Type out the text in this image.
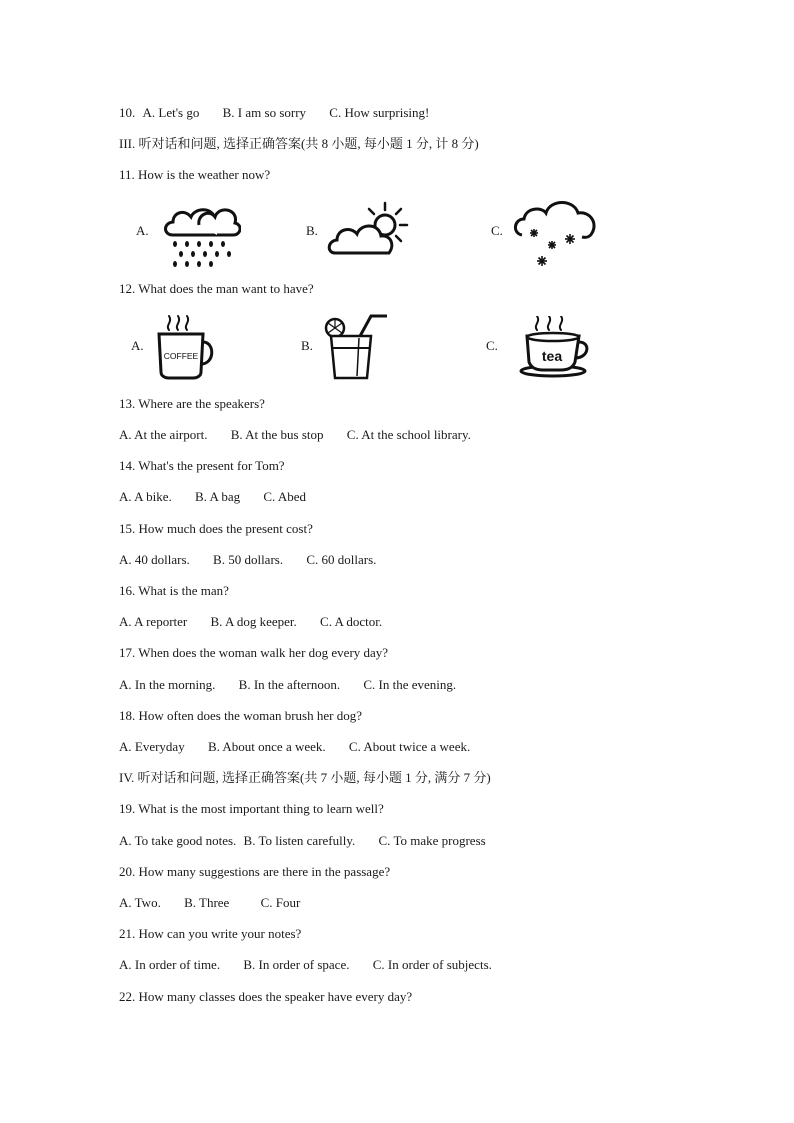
10. A. Let's go B. I am so sorry C. How surprising!
III. 听对话和问题, 选择正确答案(共 8 小题, 每小题 1 分, 计 8 分)
11. How is the weather now?
A.	B.	C.
12. What does the man want to have?
A.
COFFEE
B.	C.
tea
13. Where are the speakers?
A. At the airport. B. At the bus stop C. At the school library.
14. What's the present for Tom?
A. A bike. B. A bag C. Abed
15. How much does the present cost?
A. 40 dollars. B. 50 dollars. C. 60 dollars.
16. What is the man?
A. A reporter B. A dog keeper. C. A doctor.
17. When does the woman walk her dog every day?
A. In the morning. B. In the afternoon. C. In the evening.
18. How often does the woman brush her dog?
A. Everyday B. About once a week. C. About twice a week.
IV. 听对话和问题, 选择正确答案(共 7 小题, 每小题 1 分, 满分 7 分)
19. What is the most important thing to learn well?
A. To take good notes. B. To listen carefully. C. To make progress
20. How many suggestions are there in the passage?
A. Two. B. Three C. Four
21. How can you write your notes?
A. In order of time. B. In order of space. C. In order of subjects.
22. How many classes does the speaker have every day?
